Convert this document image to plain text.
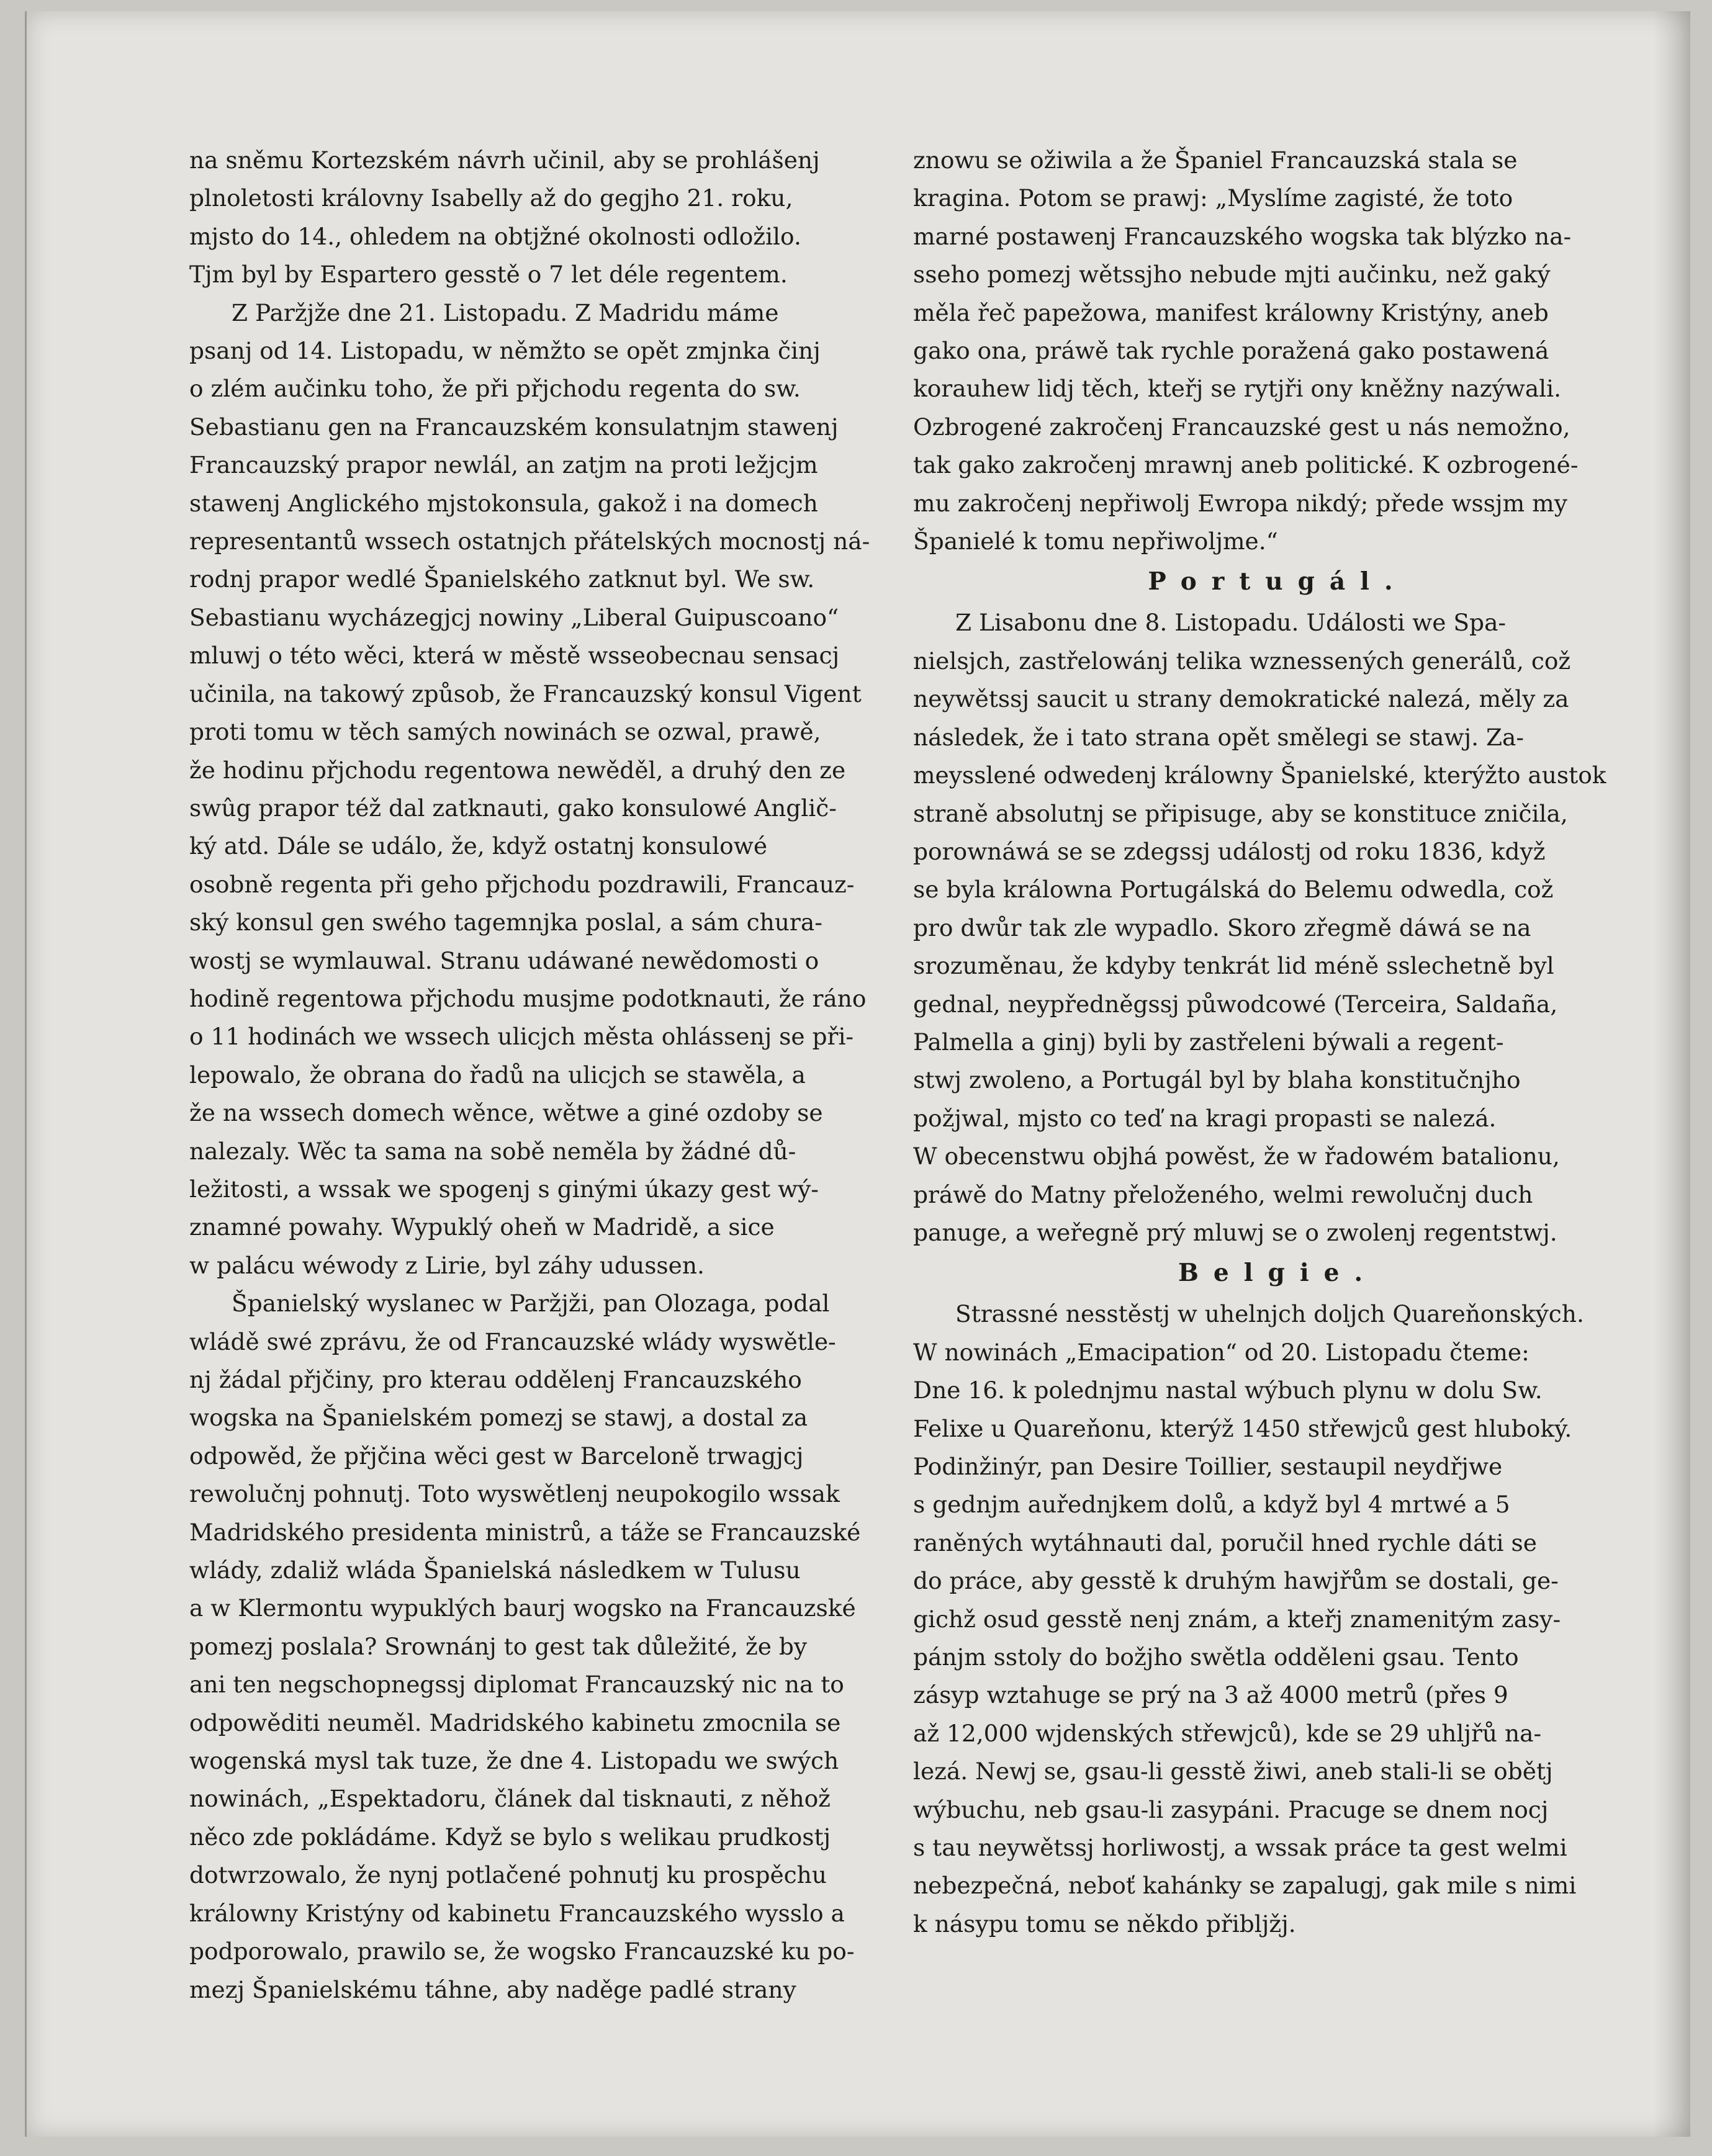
na sněmu Kortezském návrh učinil, aby se prohlášenj
plnoletosti královny Isabelly až do gegjho 21. roku,
mjsto do 14., ohledem na obtjžné okolnosti odložilo.
Tjm byl by Espartero gesstě o 7 let déle regentem.

Z Paržjže dne 21. Listopadu. Z Madridu máme
psanj od 14. Listopadu, w němžto se opět zmjnka činj
o zlém aučinku toho, že při přjchodu regenta do sw.
Sebastianu gen na Francauzském konsulatnjm stawenj
Francauzský prapor newlál, an zatjm na proti ležjcjm
stawenj Anglického mjstokonsula, gakož i na domech
representantů wssech ostatnjch přátelských mocnostj ná-
rodnj prapor wedlé Španielského zatknut byl. We sw.
Sebastianu wycházegjcj nowiny „Liberal Guipuscoano“
mluwj o této wěci, která w městě wsseobecnau sensacj
učinila, na takowý způsob, že Francauzský konsul Vigent
proti tomu w těch samých nowinách se ozwal, prawě,
že hodinu přjchodu regentowa newěděl, a druhý den ze
swûg prapor též dal zatknauti, gako konsulowé Anglič-
ký atd. Dále se událo, že, když ostatnj konsulowé
osobně regenta při geho přjchodu pozdrawili, Francauz-
ský konsul gen swého tagemnjka poslal, a sám chura-
wostj se wymlauwal. Stranu udáwané newědomosti o
hodině regentowa přjchodu musjme podotknauti, že ráno
o 11 hodinách we wssech ulicjch města ohlássenj se při-
lepowalo, že obrana do řadů na ulicjch se stawěla, a
že na wssech domech wěnce, wětwe a giné ozdoby se
nalezaly. Wěc ta sama na sobě neměla by žádné dů-
ležitosti, a wssak we spogenj s ginými úkazy gest wý-
znamné powahy. Wypuklý oheň w Madridě, a sice
w palácu wéwody z Lirie, byl záhy udussen.

Španielský wyslanec w Paržjži, pan Olozaga, podal
wládě swé zprávu, že od Francauzské wlády wyswětle-
nj žádal přjčiny, pro kterau oddělenj Francauzského
wogska na Španielském pomezj se stawj, a dostal za
odpowěd, že přjčina wěci gest w Barceloně trwagjcj
rewolučnj pohnutj. Toto wyswětlenj neupokogilo wssak
Madridského presidenta ministrů, a táže se Francauzské
wlády, zdaliž wláda Španielská následkem w Tulusu
a w Klermontu wypuklých baurj wogsko na Francauzské
pomezj poslala? Srownánj to gest tak důležité, že by
ani ten negschopnegssj diplomat Francauzský nic na to
odpowěditi neuměl. Madridského kabinetu zmocnila se
wogenská mysl tak tuze, že dne 4. Listopadu we swých
nowinách, „Espektadoru, článek dal tisknauti, z něhož
něco zde pokládáme. Když se bylo s welikau prudkostj
dotwrzowalo, že nynj potlačené pohnutj ku prospěchu
králowny Kristýny od kabinetu Francauzského wysslo a
podporowalo, prawilo se, že wogsko Francauzské ku po-
mezj Španielskému táhne, aby naděge padlé strany

znowu se ožiwila a že Španiel Francauzská stala se
kragina. Potom se prawj: „Myslíme zagisté, že toto
marné postawenj Francauzského wogska tak blýzko na-
sseho pomezj wětssjho nebude mjti aučinku, než gaký
měla řeč papežowa, manifest králowny Kristýny, aneb
gako ona, práwě tak rychle poražená gako postawená
korauhew lidj těch, kteřj se rytjři ony kněžny nazýwali.
Ozbrogené zakročenj Francauzské gest u nás nemožno,
tak gako zakročenj mrawnj aneb politické. K ozbrogené-
mu zakročenj nepřiwolj Ewropa nikdý; přede wssjm my
Španielé k tomu nepřiwoljme.“

Portugál.

Z Lisabonu dne 8. Listopadu. Události we Spa-
nielsjch, zastřelowánj telika wznessených generálů, což
neywětssj saucit u strany demokratické nalezá, měly za
následek, že i tato strana opět smělegi se stawj. Za-
meysslené odwedenj králowny Španielské, kterýžto austok
straně absolutnj se připisuge, aby se konstituce zničila,
porownáwá se se zdegssj událostj od roku 1836, když
se byla králowna Portugálská do Belemu odwedla, což
pro dwůr tak zle wypadlo. Skoro zřegmě dáwá se na
srozuměnau, že kdyby tenkrát lid méně sslechetně byl
gednal, neypředněgssj půwodcowé (Terceira, Saldaña,
Palmella a ginj) byli by zastřeleni býwali a regent-
stwj zwoleno, a Portugál byl by blaha konstitučnjho
požjwal, mjsto co teď na kragi propasti se nalezá.
W obecenstwu objhá powěst, že w řadowém batalionu,
práwě do Matny přeloženého, welmi rewolučnj duch
panuge, a weřegně prý mluwj se o zwolenj regentstwj.

Belgie.

Strassné nesstěstj w uhelnjch doljch Quareňonských.
W nowinách „Emacipation“ od 20. Listopadu čteme:
Dne 16. k polednjmu nastal wýbuch plynu w dolu Sw.
Felixe u Quareňonu, kterýž 1450 střewjců gest hluboký.
Podinžinýr, pan Desire Toillier, sestaupil neydřjwe
s gednjm auřednjkem dolů, a když byl 4 mrtwé a 5
raněných wytáhnauti dal, poručil hned rychle dáti se
do práce, aby gesstě k druhým hawjřům se dostali, ge-
gichž osud gesstě nenj znám, a kteřj znamenitým zasy-
pánjm sstoly do božjho swětla odděleni gsau. Tento
zásyp wztahuge se prý na 3 až 4000 metrů (přes 9
až 12,000 wjdenských střewjců), kde se 29 uhljřů na-
lezá. Newj se, gsau-li gesstě žiwi, aneb stali-li se obětj
wýbuchu, neb gsau-li zasypáni. Pracuge se dnem nocj
s tau neywětssj horliwostj, a wssak práce ta gest welmi
nebezpečná, neboť kahánky se zapalugj, gak mile s nimi
k násypu tomu se někdo přibljžj.
